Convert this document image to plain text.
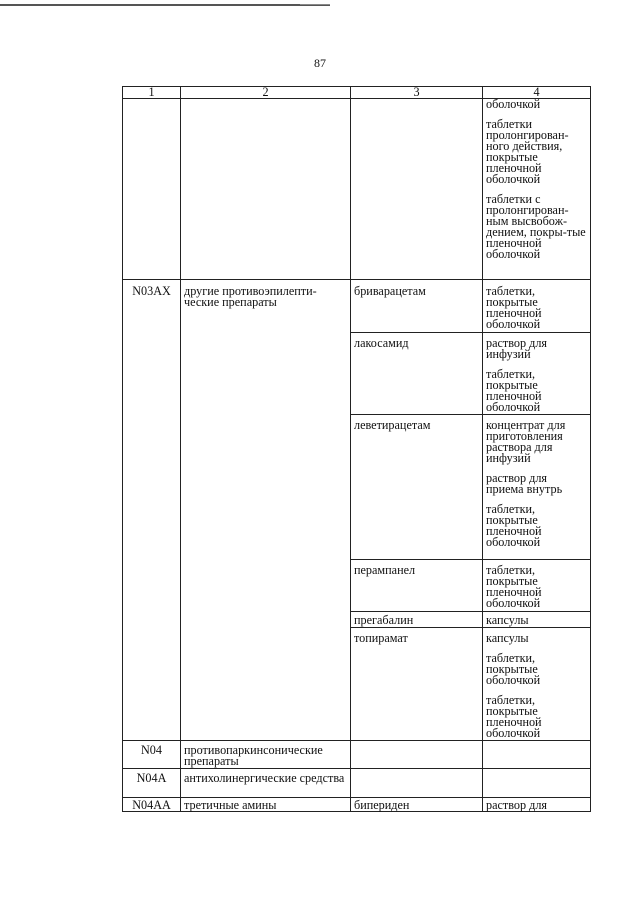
87
1	2	3	4

			оболочкой
таблетки пролонгирован-ного действия, покрытые пленочной оболочкой
таблетки с пролонгирован-ным высвобож-дением, покры-тые пленочной оболочкой

N03AX	другие противоэпилепти-ческие препараты	бриварацетам	таблетки, покрытые пленочной оболочкой

		лакосамид	раствор для инфузий
таблетки, покрытые пленочной оболочкой

		леветирацетам	концентрат для приготовления раствора для инфузий
раствор для приема внутрь
таблетки, покрытые пленочной оболочкой

		перампанел	таблетки, покрытые пленочной оболочкой

		прегабалин	капсулы

		топирамат	капсулы
таблетки, покрытые оболочкой
таблетки, покрытые пленочной оболочкой

N04	противопаркинсонические препараты		
N04A	антихолинергические средства		
N04AA	третичные амины	бипериден	раствор для
